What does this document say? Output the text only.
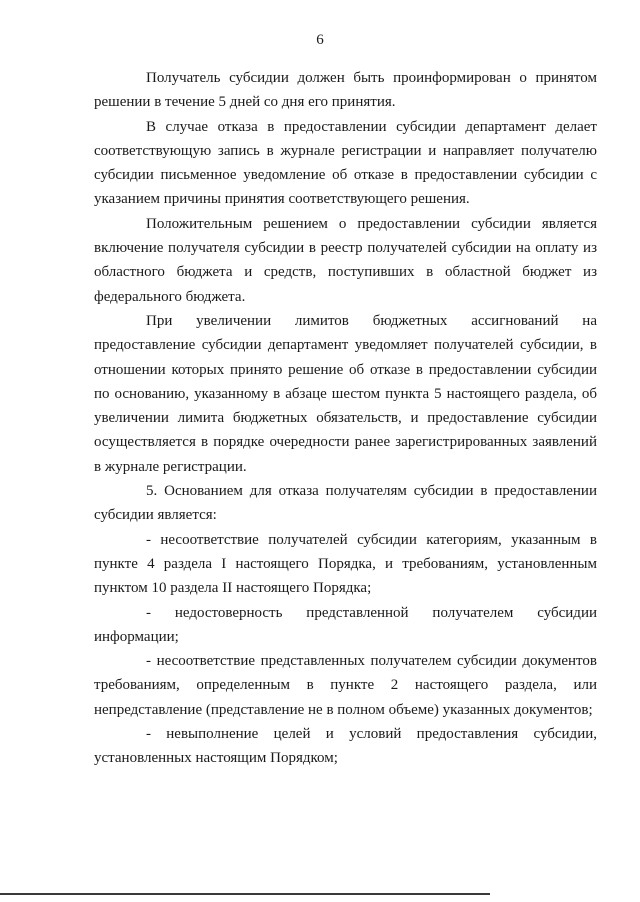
6

Получатель субсидии должен быть проинформирован о принятом решении в течение 5 дней со дня его принятия.

В случае отказа в предоставлении субсидии департамент делает соответствующую запись в журнале регистрации и направляет получателю субсидии письменное уведомление об отказе в предоставлении субсидии с указанием причины принятия соответствующего решения.

Положительным решением о предоставлении субсидии является включение получателя субсидии в реестр получателей субсидии на оплату из областного бюджета и средств, поступивших в областной бюджет из федерального бюджета.

При увеличении лимитов бюджетных ассигнований на предоставление субсидии департамент уведомляет получателей субсидии, в отношении которых принято решение об отказе в предоставлении субсидии по основанию, указанному в абзаце шестом пункта 5 настоящего раздела, об увеличении лимита бюджетных обязательств, и предоставление субсидии осуществляется в порядке очередности ранее зарегистрированных заявлений в журнале регистрации.

5. Основанием для отказа получателям субсидии в предоставлении субсидии является:

- несоответствие получателей субсидии категориям, указанным в пункте 4 раздела I настоящего Порядка, и требованиям, установленным пунктом 10 раздела II настоящего Порядка;

- недостоверность представленной получателем субсидии информации;

- несоответствие представленных получателем субсидии документов требованиям, определенным в пункте 2 настоящего раздела, или непредставление (представление не в полном объеме) указанных документов;

- невыполнение целей и условий предоставления субсидии, установленных настоящим Порядком;
